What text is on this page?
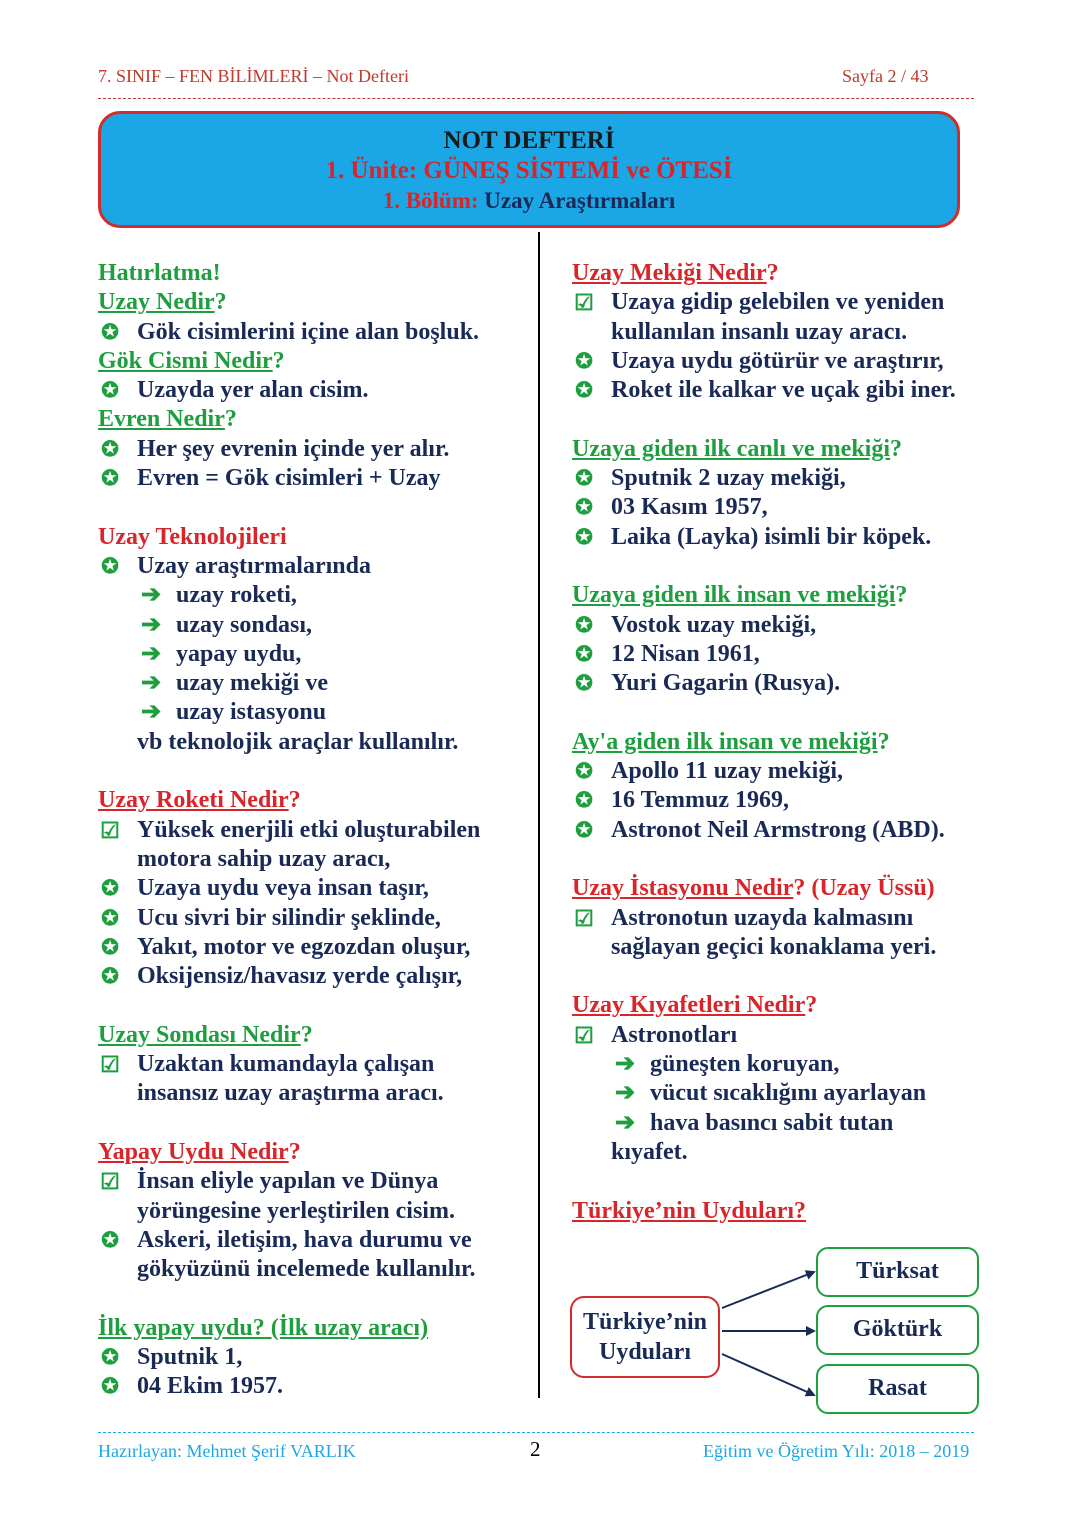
7. SINIF – FEN BİLİMLERİ – Not Defteri	Sayfa 2 / 43
NOT DEFTERİ
1. Ünite: GÜNEŞ SİSTEMİ ve ÖTESİ
1. Bölüm: Uzay Araştırmaları
Hatırlatma!
Uzay Nedir?
✪ Gök cisimlerini içine alan boşluk.
Gök Cismi Nedir?
✪ Uzayda yer alan cisim.
Evren Nedir?
✪ Her şey evrenin içinde yer alır.
✪ Evren = Gök cisimleri + Uzay
Uzay Teknolojileri
✪ Uzay araştırmalarında
➔ uzay roketi,
➔ uzay sondası,
➔ yapay uydu,
➔ uzay mekiği ve
➔ uzay istasyonu
vb teknolojik araçlar kullanılır.
Uzay Roketi Nedir?
☑ Yüksek enerjili etki oluşturabilen
motora sahip uzay aracı,
✪ Uzaya uydu veya insan taşır,
✪ Ucu sivri bir silindir şeklinde,
✪ Yakıt, motor ve egzozdan oluşur,
✪ Oksijensiz/havasız yerde çalışır,
Uzay Sondası Nedir?
☑ Uzaktan kumandayla çalışan
insansız uzay araştırma aracı.
Yapay Uydu Nedir?
☑ İnsan eliyle yapılan ve Dünya
yörüngesine yerleştirilen cisim.
✪ Askeri, iletişim, hava durumu ve
gökyüzünü incelemede kullanılır.
İlk yapay uydu? (İlk uzay aracı)
✪ Sputnik 1,
✪ 04 Ekim 1957.
Uzay Mekiği Nedir?
☑ Uzaya gidip gelebilen ve yeniden
kullanılan insanlı uzay aracı.
✪ Uzaya uydu götürür ve araştırır,
✪ Roket ile kalkar ve uçak gibi iner.
Uzaya giden ilk canlı ve mekiği?
✪ Sputnik 2 uzay mekiği,
✪ 03 Kasım 1957,
✪ Laika (Layka) isimli bir köpek.
Uzaya giden ilk insan ve mekiği?
✪ Vostok uzay mekiği,
✪ 12 Nisan 1961,
✪ Yuri Gagarin (Rusya).
Ay'a giden ilk insan ve mekiği?
✪ Apollo 11 uzay mekiği,
✪ 16 Temmuz 1969,
✪ Astronot Neil Armstrong (ABD).
Uzay İstasyonu Nedir? (Uzay Üssü)
☑ Astronotun uzayda kalmasını
sağlayan geçici konaklama yeri.
Uzay Kıyafetleri Nedir?
☑ Astronotları
➔ güneşten koruyan,
➔ vücut sıcaklığını ayarlayan
➔ hava basıncı sabit tutan
kıyafet.
Türkiye’nin Uyduları?
Türkiye’nin
Uyduları
Türksat
Göktürk
Rasat
Hazırlayan: Mehmet Şerif VARLIK	2	Eğitim ve Öğretim Yılı: 2018 – 2019
